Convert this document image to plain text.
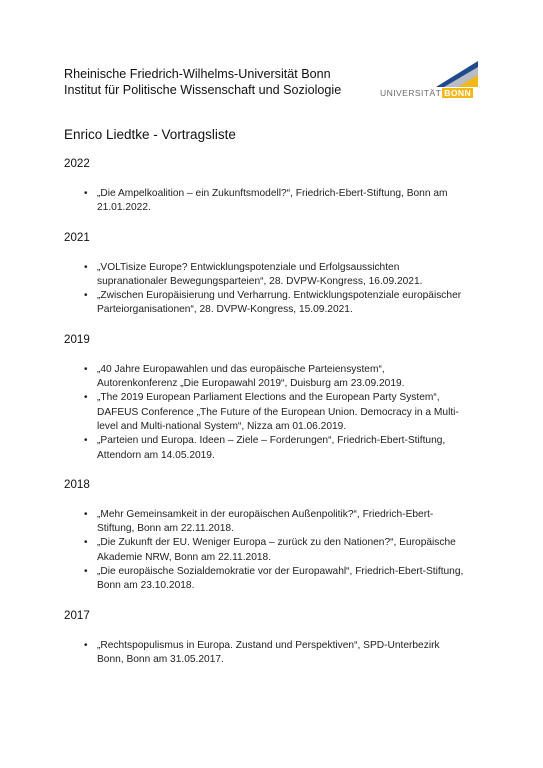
Rheinische Friedrich-Wilhelms-Universität Bonn
Institut für Politische Wissenschaft und Soziologie	UNIVERSITÄT BONN
Enrico Liedtke - Vortragsliste
2022
• „Die Ampelkoalition – ein Zukunftsmodell?“, Friedrich-Ebert-Stiftung, Bonn am 21.01.2022.
2021
• „VOLTisize Europe? Entwicklungspotenziale und Erfolgsaussichten supranationaler Bewegungsparteien“, 28. DVPW-Kongress, 16.09.2021.
• „Zwischen Europäisierung und Verharrung. Entwicklungspotenziale europäischer Parteiorganisationen“, 28. DVPW-Kongress, 15.09.2021.
2019
• „40 Jahre Europawahlen und das europäische Parteiensystem“, Autorenkonferenz „Die Europawahl 2019“, Duisburg am 23.09.2019.
• „The 2019 European Parliament Elections and the European Party System“, DAFEUS Conference „The Future of the European Union. Democracy in a Multi-level and Multi-national System“, Nizza am 01.06.2019.
• „Parteien und Europa. Ideen – Ziele – Forderungen“, Friedrich-Ebert-Stiftung, Attendorn am 14.05.2019.
2018
• „Mehr Gemeinsamkeit in der europäischen Außenpolitik?“, Friedrich-Ebert-Stiftung, Bonn am 22.11.2018.
• „Die Zukunft der EU. Weniger Europa – zurück zu den Nationen?“, Europäische Akademie NRW, Bonn am 22.11.2018.
• „Die europäische Sozialdemokratie vor der Europawahl“, Friedrich-Ebert-Stiftung, Bonn am 23.10.2018.
2017
• „Rechtspopulismus in Europa. Zustand und Perspektiven“, SPD-Unterbezirk Bonn, Bonn am 31.05.2017.
